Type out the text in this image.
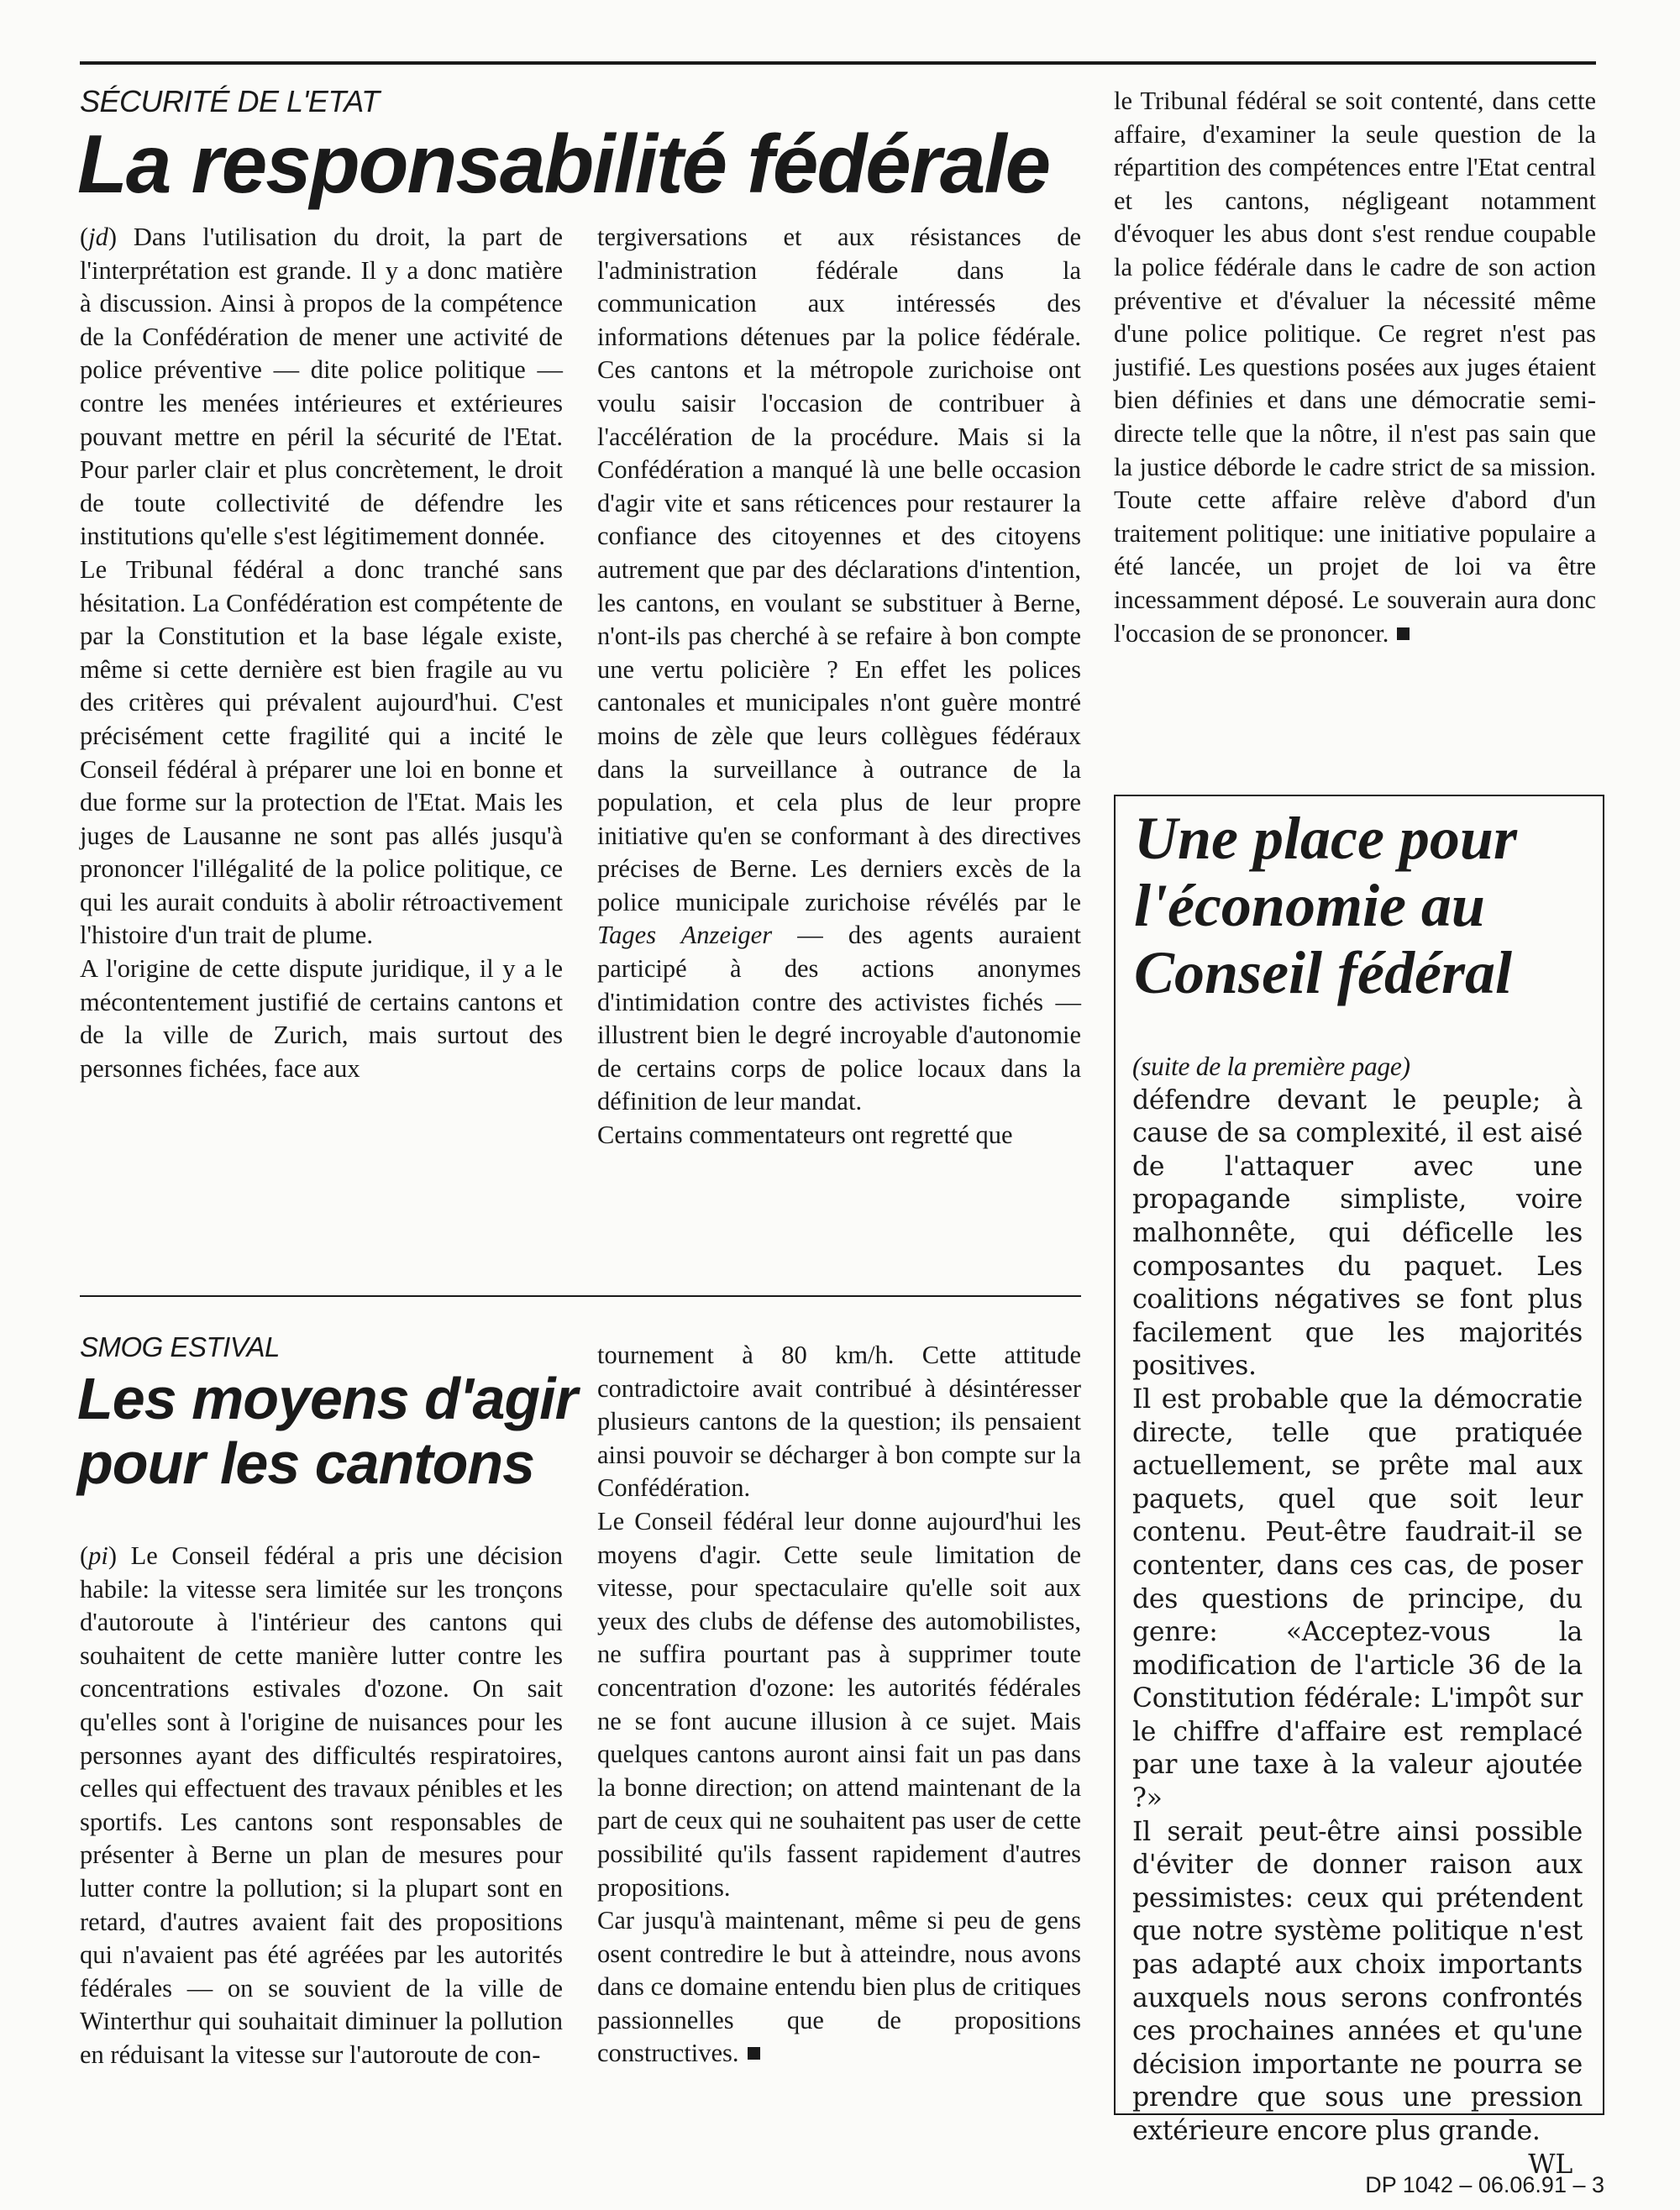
SÉCURITÉ DE L'ETAT
La responsabilité fédérale

(jd) Dans l'utilisation du droit, la part de l'interprétation est grande. Il y a donc matière à discussion. Ainsi à propos de la compétence de la Confédération de mener une activité de police préventive — dite police politique — contre les menées intérieures et extérieures pouvant mettre en péril la sécurité de l'Etat. Pour parler clair et plus concrètement, le droit de toute collectivité de défendre les institutions qu'elle s'est légitimement donnée.

Le Tribunal fédéral a donc tranché sans hésitation. La Confédération est compétente de par la Constitution et la base légale existe, même si cette dernière est bien fragile au vu des critères qui prévalent aujourd'hui. C'est précisément cette fragilité qui a incité le Conseil fédéral à préparer une loi en bonne et due forme sur la protection de l'Etat. Mais les juges de Lausanne ne sont pas allés jusqu'à prononcer l'illégalité de la police politique, ce qui les aurait conduits à abolir rétroactivement l'histoire d'un trait de plume.

A l'origine de cette dispute juridique, il y a le mécontentement justifié de certains cantons et de la ville de Zurich, mais surtout des personnes fichées, face aux

tergiversations et aux résistances de l'administration fédérale dans la communication aux intéressés des informations détenues par la police fédérale. Ces cantons et la métropole zurichoise ont voulu saisir l'occasion de contribuer à l'accélération de la procédure. Mais si la Confédération a manqué là une belle occasion d'agir vite et sans réticences pour restaurer la confiance des citoyennes et des citoyens autrement que par des déclarations d'intention, les cantons, en voulant se substituer à Berne, n'ont-ils pas cherché à se refaire à bon compte une vertu policière ? En effet les polices cantonales et municipales n'ont guère montré moins de zèle que leurs collègues fédéraux dans la surveillance à outrance de la population, et cela plus de leur propre initiative qu'en se conformant à des directives précises de Berne. Les derniers excès de la police municipale zurichoise révélés par le Tages Anzeiger — des agents auraient participé à des actions anonymes d'intimidation contre des activistes fichés — illustrent bien le degré incroyable d'autonomie de certains corps de police locaux dans la définition de leur mandat.

Certains commentateurs ont regretté que

le Tribunal fédéral se soit contenté, dans cette affaire, d'examiner la seule question de la répartition des compétences entre l'Etat central et les cantons, négligeant notamment d'évoquer les abus dont s'est rendue coupable la police fédérale dans le cadre de son action préventive et d'évaluer la nécessité même d'une police politique. Ce regret n'est pas justifié. Les questions posées aux juges étaient bien définies et dans une démocratie semi-directe telle que la nôtre, il n'est pas sain que la justice déborde le cadre strict de sa mission. Toute cette affaire relève d'abord d'un traitement politique: une initiative populaire a été lancée, un projet de loi va être incessamment déposé. Le souverain aura donc l'occasion de se prononcer.

SMOG ESTIVAL
Les moyens d'agir
pour les cantons

(pi) Le Conseil fédéral a pris une décision habile: la vitesse sera limitée sur les tronçons d'autoroute à l'intérieur des cantons qui souhaitent de cette manière lutter contre les concentrations estivales d'ozone. On sait qu'elles sont à l'origine de nuisances pour les personnes ayant des difficultés respiratoires, celles qui effectuent des travaux pénibles et les sportifs. Les cantons sont responsables de présenter à Berne un plan de mesures pour lutter contre la pollution; si la plupart sont en retard, d'autres avaient fait des propositions qui n'avaient pas été agréées par les autorités fédérales — on se souvient de la ville de Winterthur qui souhaitait diminuer la pollution en réduisant la vitesse sur l'autoroute de con-

tournement à 80 km/h. Cette attitude contradictoire avait contribué à désintéresser plusieurs cantons de la question; ils pensaient ainsi pouvoir se décharger à bon compte sur la Confédération.

Le Conseil fédéral leur donne aujourd'hui les moyens d'agir. Cette seule limitation de vitesse, pour spectaculaire qu'elle soit aux yeux des clubs de défense des automobilistes, ne suffira pourtant pas à supprimer toute concentration d'ozone: les autorités fédérales ne se font aucune illusion à ce sujet. Mais quelques cantons auront ainsi fait un pas dans la bonne direction; on attend maintenant de la part de ceux qui ne souhaitent pas user de cette possibilité qu'ils fassent rapidement d'autres propositions.

Car jusqu'à maintenant, même si peu de gens osent contredire le but à atteindre, nous avons dans ce domaine entendu bien plus de critiques passionnelles que de propositions constructives.

Une place pour
l'économie au
Conseil fédéral

(suite de la première page)

défendre devant le peuple; à cause de sa complexité, il est aisé de l'attaquer avec une propagande simpliste, voire malhonnête, qui déficelle les composantes du paquet. Les coalitions négatives se font plus facilement que les majorités positives.

Il est probable que la démocratie directe, telle que pratiquée actuellement, se prête mal aux paquets, quel que soit leur contenu. Peut-être faudrait-il se contenter, dans ces cas, de poser des questions de principe, du genre: «Acceptez-vous la modification de l'article 36 de la Constitution fédérale: L'impôt sur le chiffre d'affaire est remplacé par une taxe à la valeur ajoutée ?»

Il serait peut-être ainsi possible d'éviter de donner raison aux pessimistes: ceux qui prétendent que notre système politique n'est pas adapté aux choix importants auxquels nous serons confrontés ces prochaines années et qu'une décision importante ne pourra se prendre que sous une pression extérieure encore plus grande.

WL

DP 1042 – 06.06.91 – 3
